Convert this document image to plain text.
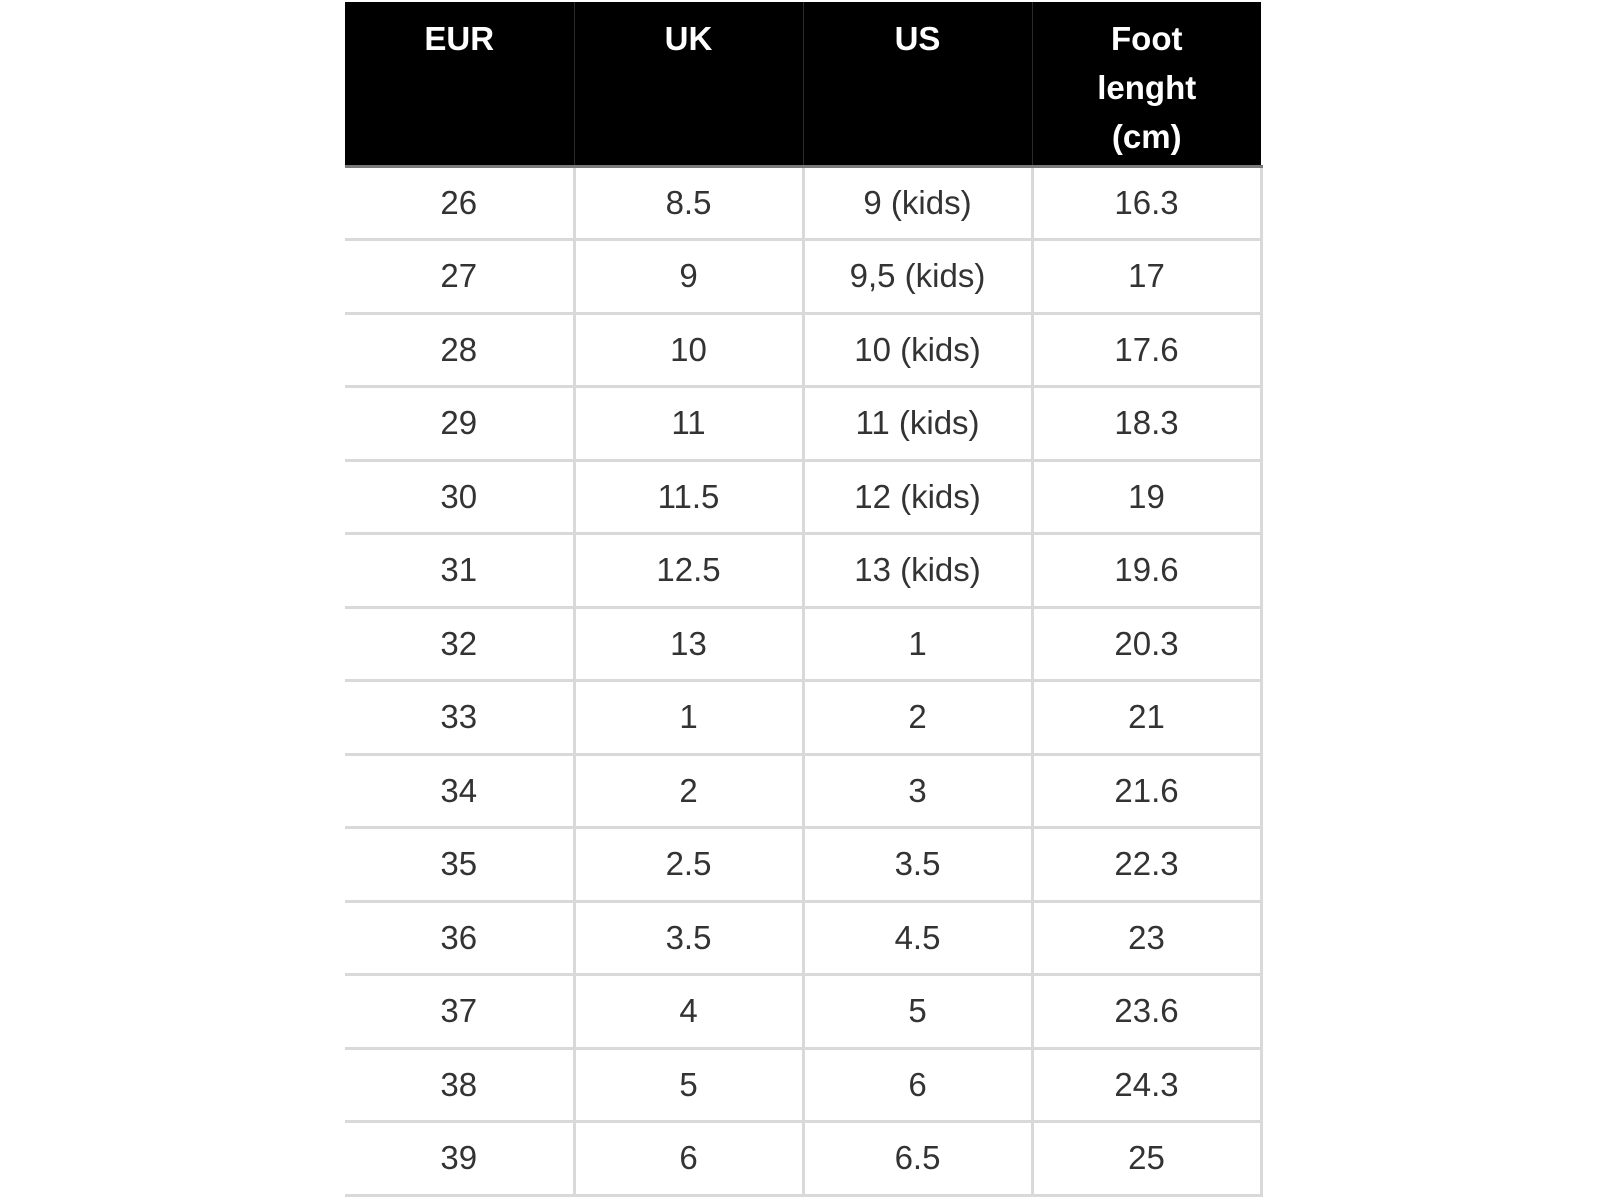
EUR	UK	US	Foot
lenght
(cm)

26	8.5	9 (kids)	16.3
27	9	9,5 (kids)	17
28	10	10 (kids)	17.6
29	11	11 (kids)	18.3
30	11.5	12 (kids)	19
31	12.5	13 (kids)	19.6
32	13	1	20.3
33	1	2	21
34	2	3	21.6
35	2.5	3.5	22.3
36	3.5	4.5	23
37	4	5	23.6
38	5	6	24.3
39	6	6.5	25
